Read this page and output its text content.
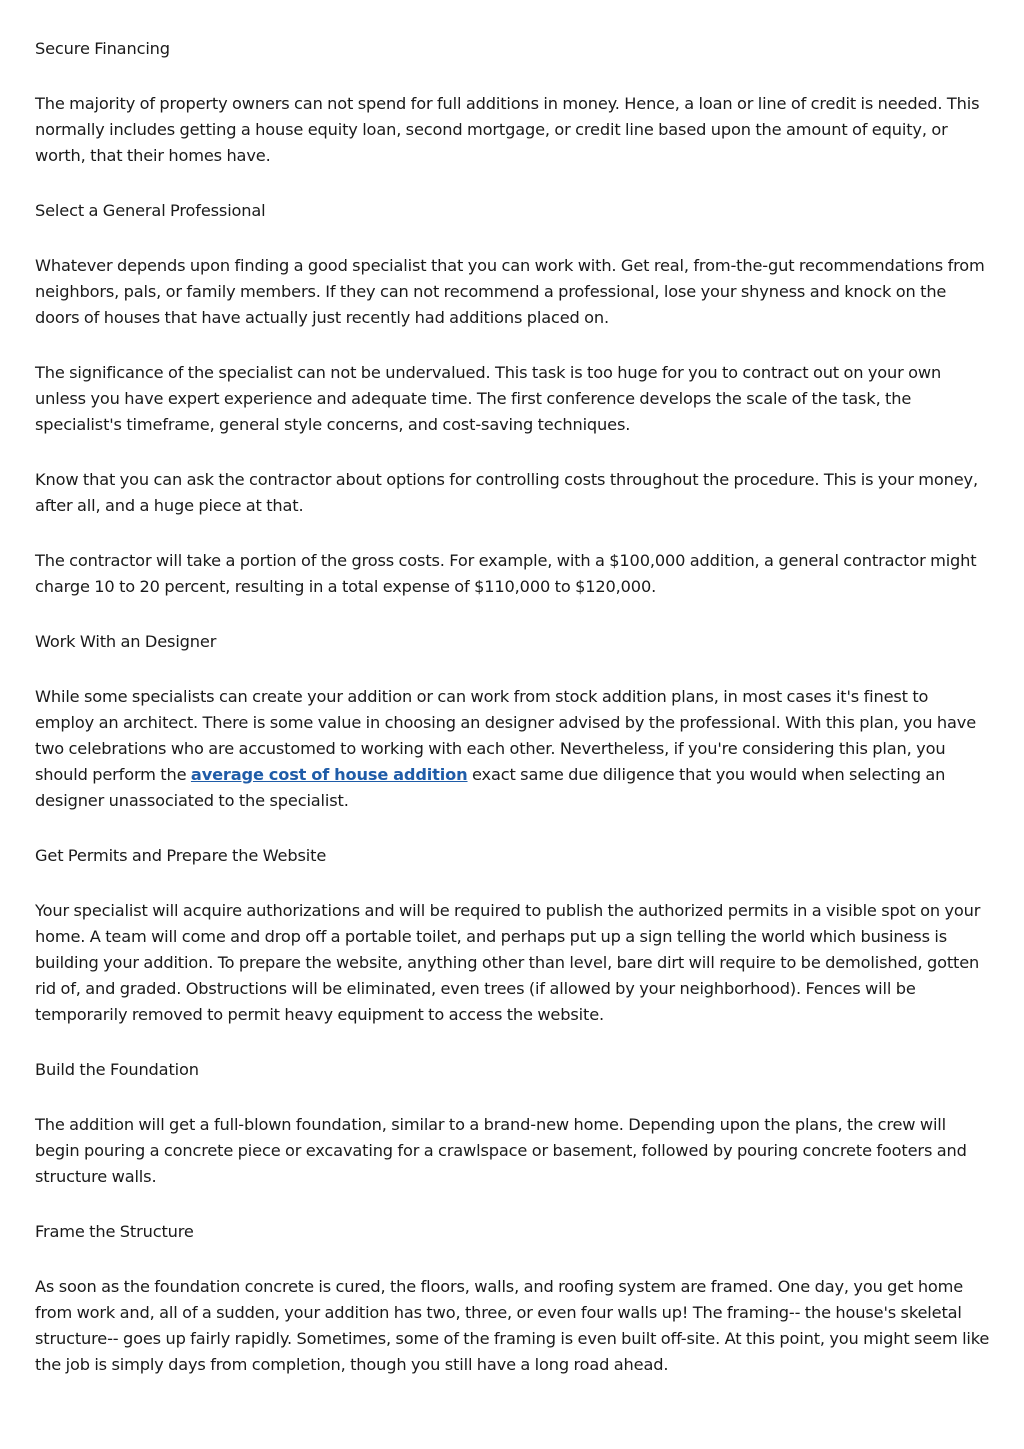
Secure Financing

The majority of property owners can not spend for full additions in money. Hence, a loan or line of credit is needed. This normally includes getting a house equity loan, second mortgage, or credit line based upon the amount of equity, or worth, that their homes have.

Select a General Professional

Whatever depends upon finding a good specialist that you can work with. Get real, from-the-gut recommendations from neighbors, pals, or family members. If they can not recommend a professional, lose your shyness and knock on the doors of houses that have actually just recently had additions placed on.

The significance of the specialist can not be undervalued. This task is too huge for you to contract out on your own unless you have expert experience and adequate time. The first conference develops the scale of the task, the specialist's timeframe, general style concerns, and cost-saving techniques.

Know that you can ask the contractor about options for controlling costs throughout the procedure. This is your money, after all, and a huge piece at that.

The contractor will take a portion of the gross costs. For example, with a $100,000 addition, a general contractor might charge 10 to 20 percent, resulting in a total expense of $110,000 to $120,000.

Work With an Designer

While some specialists can create your addition or can work from stock addition plans, in most cases it's finest to employ an architect. There is some value in choosing an designer advised by the professional. With this plan, you have two celebrations who are accustomed to working with each other. Nevertheless, if you're considering this plan, you should perform the average cost of house addition exact same due diligence that you would when selecting an designer unassociated to the specialist.

Get Permits and Prepare the Website

Your specialist will acquire authorizations and will be required to publish the authorized permits in a visible spot on your home. A team will come and drop off a portable toilet, and perhaps put up a sign telling the world which business is building your addition. To prepare the website, anything other than level, bare dirt will require to be demolished, gotten rid of, and graded. Obstructions will be eliminated, even trees (if allowed by your neighborhood). Fences will be temporarily removed to permit heavy equipment to access the website.

Build the Foundation

The addition will get a full-blown foundation, similar to a brand-new home. Depending upon the plans, the crew will begin pouring a concrete piece or excavating for a crawlspace or basement, followed by pouring concrete footers and structure walls.

Frame the Structure

As soon as the foundation concrete is cured, the floors, walls, and roofing system are framed. One day, you get home from work and, all of a sudden, your addition has two, three, or even four walls up! The framing-- the house's skeletal structure-- goes up fairly rapidly. Sometimes, some of the framing is even built off-site. At this point, you might seem like the job is simply days from completion, though you still have a long road ahead.
